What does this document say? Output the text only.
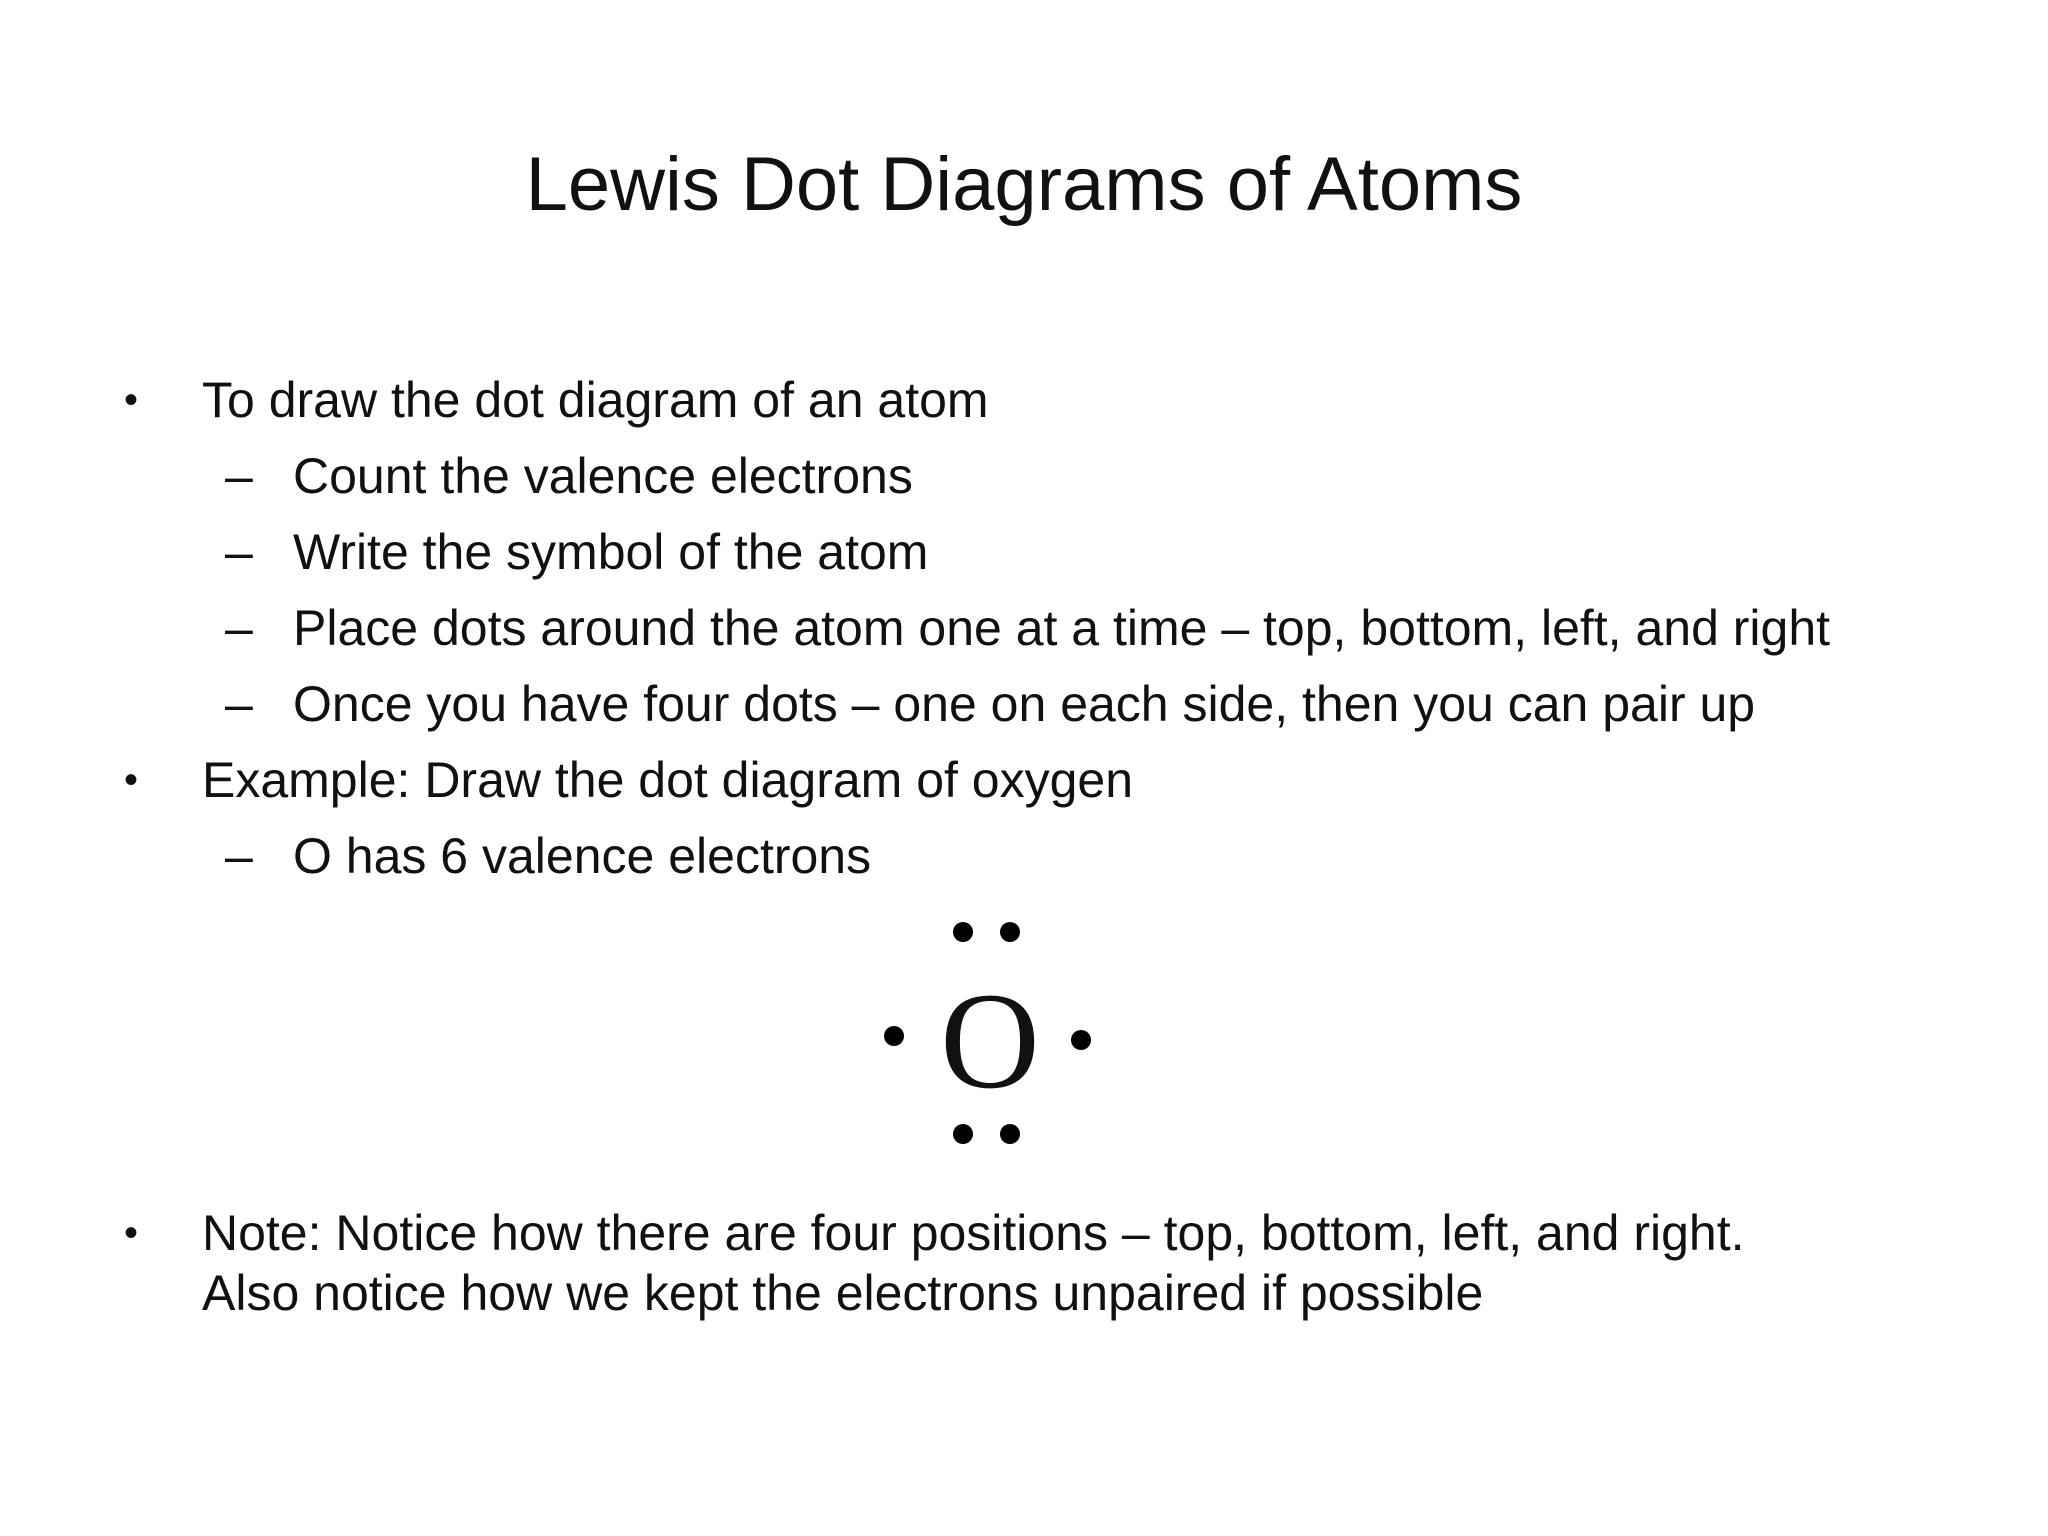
Lewis Dot Diagrams of Atoms
• To draw the dot diagram of an atom
– Count the valence electrons
– Write the symbol of the atom
– Place dots around the atom one at a time – top, bottom, left, and right
– Once you have four dots – one on each side, then you can pair up
• Example: Draw the dot diagram of oxygen
– O has 6 valence electrons
O
• Note: Notice how there are four positions – top, bottom, left, and right.
Also notice how we kept the electrons unpaired if possible
